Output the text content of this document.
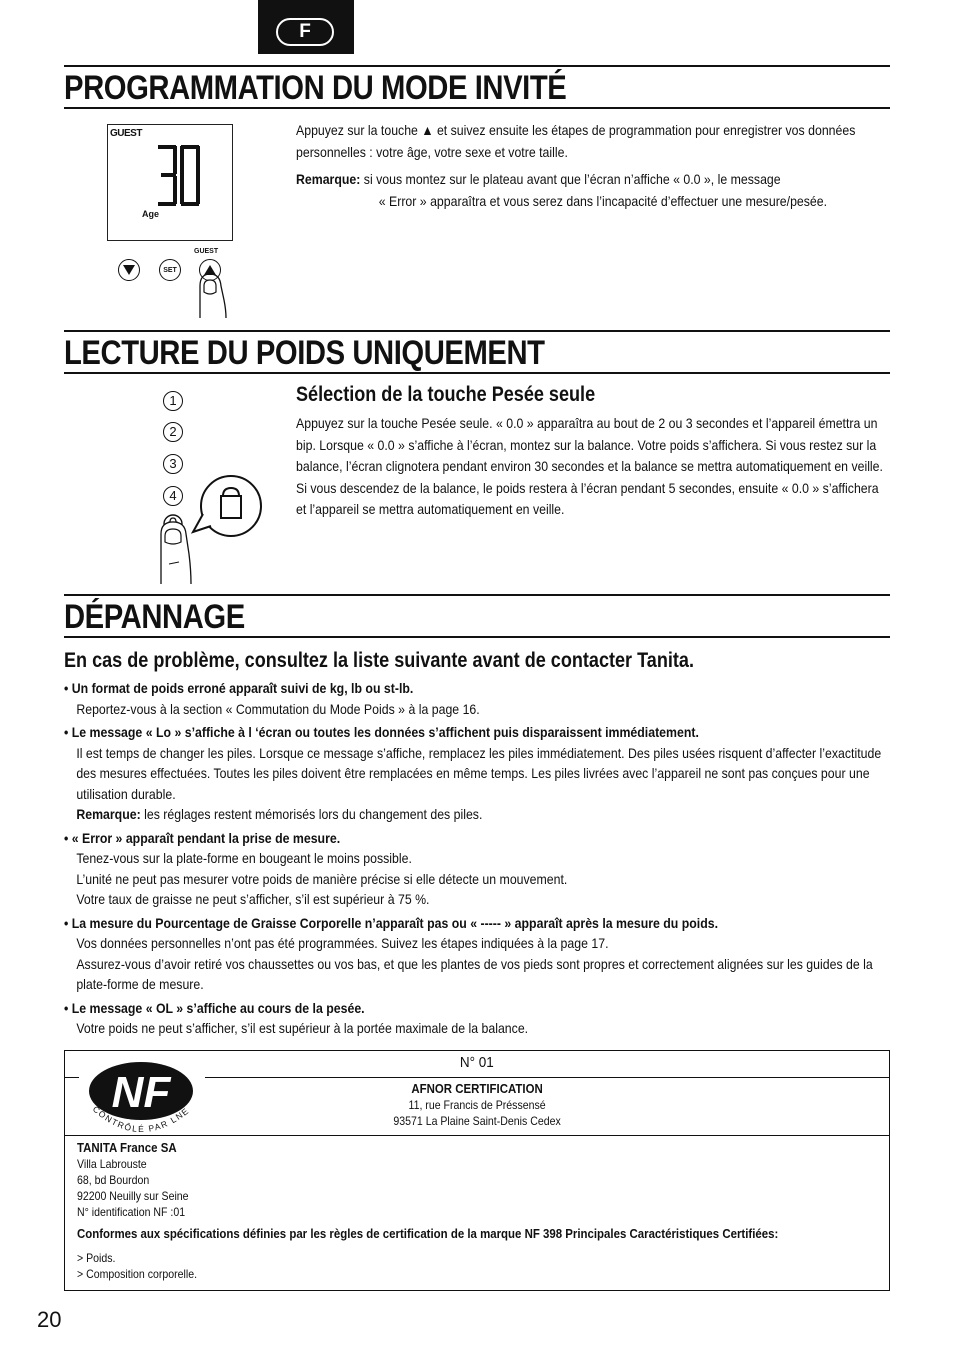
F
PROGRAMMATION DU MODE INVITÉ
GUEST
Age
SET
GUEST

Appuyez sur la touche ▲ et suivez ensuite les étapes de programmation pour enregistrer vos données personnelles : votre âge, votre sexe et votre taille.

Remarque: si vous montez sur le plateau avant que l’écran n’affiche « 0.0 », le message

« Error » apparaîtra et vous serez dans l’incapacité d’effectuer une mesure/pesée.

LECTURE DU POIDS UNIQUEMENT
1
2
3
4
Sélection de la touche Pesée seule

Appuyez sur la touche Pesée seule. « 0.0 » apparaîtra au bout de 2 ou 3 secondes et l’appareil émettra un bip. Lorsque « 0.0 » s’affiche à l’écran, montez sur la balance. Votre poids s’affichera. Si vous restez sur la balance, l’écran clignotera pendant environ 30 secondes et la balance se mettra automatiquement en veille. Si vous descendez de la balance, le poids restera à l’écran pendant 5 secondes, ensuite « 0.0 » s’affichera et l’appareil se mettra automatiquement en veille.

DÉPANNAGE
En cas de problème, consultez la liste suivante avant de contacter Tanita.
• Un format de poids erroné apparaît suivi de kg, lb ou st-lb.
Reportez-vous à la section « Commutation du Mode Poids » à la page 16.
• Le message « Lo » s’affiche à l ‘écran ou toutes les données s’affichent puis disparaissent immédiatement.
Il est temps de changer les piles. Lorsque ce message s’affiche, remplacez les piles immédiatement. Des piles usées risquent d’affecter l’exactitude des mesures effectuées. Toutes les piles doivent être remplacées en même temps. Les piles livrées avec l’appareil ne sont pas conçues pour une utilisation durable.
Remarque: les réglages restent mémorisés lors du changement des piles.
• « Error » apparaît pendant la prise de mesure.
Tenez-vous sur la plate-forme en bougeant le moins possible.
L’unité ne peut pas mesurer votre poids de manière précise si elle détecte un mouvement.
Votre taux de graisse ne peut s’afficher, s’il est supérieur à 75 %.
• La mesure du Pourcentage de Graisse Corporelle n’apparaît pas ou « ----- » apparaît après la mesure du poids.
Vos données personnelles n’ont pas été programmées. Suivez les étapes indiquées à la page 17.
Assurez-vous d’avoir retiré vos chaussettes ou vos bas, et que les plantes de vos pieds sont propres et correctement alignées sur les guides de la plate-forme de mesure.
• Le message « OL » s’affiche au cours de la pesée.
Votre poids ne peut s’afficher, s’il est supérieur à la portée maximale de la balance.
NF
CONTRÔLÉ PAR LNE
N° 01
AFNOR CERTIFICATION
11, rue Francis de Préssensé
93571 La Plaine Saint-Denis Cedex
TANITA France SA
Villa Labrouste
68, bd Bourdon
92200 Neuilly sur Seine
N° identification NF :01
Conformes aux spécifications définies par les règles de certification de la marque NF 398 Principales Caractéristiques Certifiées:
> Poids.
> Composition corporelle.
20
